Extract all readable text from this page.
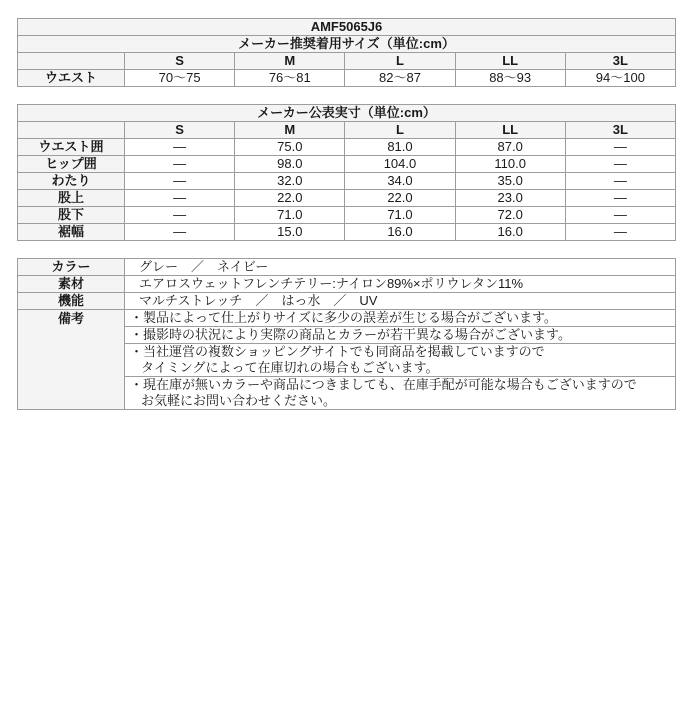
AMF5065J6					
メーカー推奨着用サイズ（単位:cm）					
	S	M	L	LL	3L
ウエスト	70～75	76～81	82～87	88～93	94～100
メーカー公表実寸（単位:cm）					
	S	M	L	LL	3L
ウエスト囲	—	75.0	81.0	87.0	—
ヒップ囲	—	98.0	104.0	110.0	—
わたり	—	32.0	34.0	35.0	—
股上	—	22.0	22.0	23.0	—
股下	—	71.0	71.0	72.0	—
裾幅	—	15.0	16.0	16.0	—
カラー	グレー　／　ネイビー
素材	エアロスウェットフレンチテリー:ナイロン89%×ポリウレタン11%
機能	マルチストレッチ　／　はっ水　／　UV
備考	・製品によって仕上がりサイズに多少の誤差が生じる場合がございます。

	・撮影時の状況により実際の商品とカラーが若干異なる場合がございます。

	・当社運営の複数ショッピングサイトでも同商品を掲載していますので
タイミングによって在庫切れの場合もございます。

	・現在庫が無いカラーや商品につきましても、在庫手配が可能な場合もございますので
お気軽にお問い合わせください。
